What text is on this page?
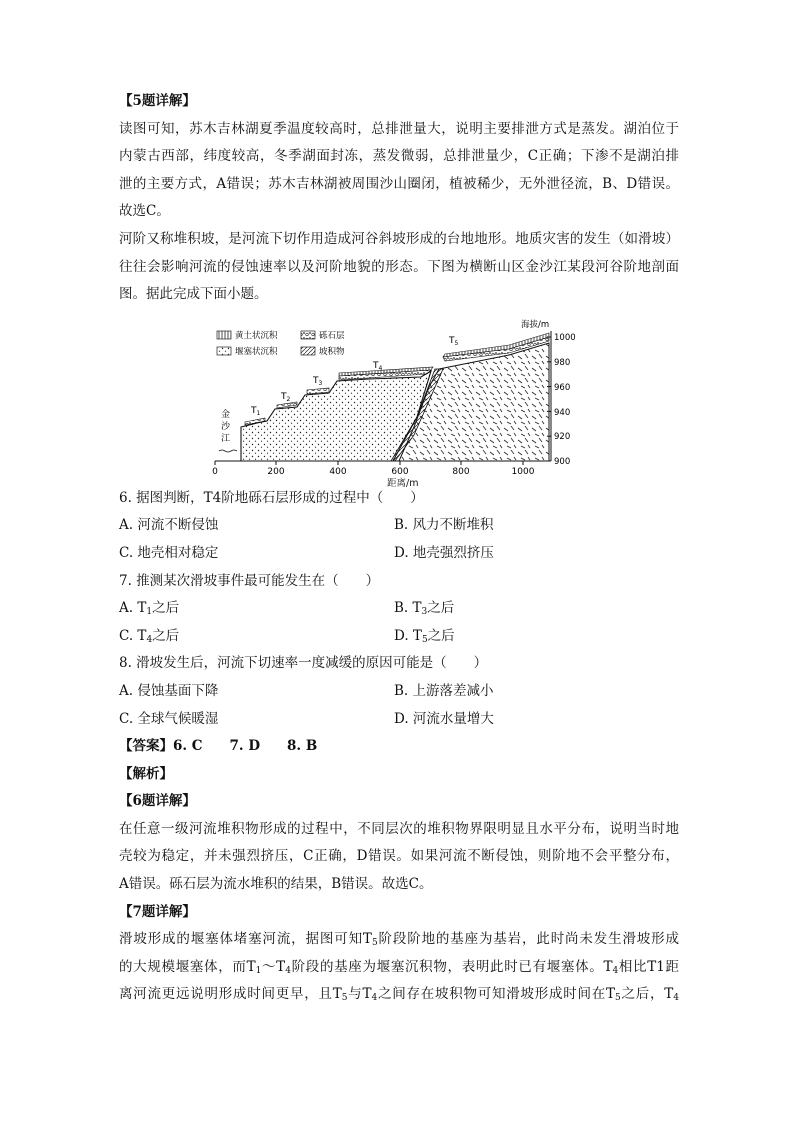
【5题详解】
读图可知，苏木吉林湖夏季温度较高时，总排泄量大，说明主要排泄方式是蒸发。湖泊位于
内蒙古西部，纬度较高，冬季湖面封冻，蒸发微弱，总排泄量少，C正确；下渗不是湖泊排
泄的主要方式，A错误；苏木吉林湖被周围沙山圈闭，植被稀少，无外泄径流，B、D错误。
故选C。
河阶又称堆积坡，是河流下切作用造成河谷斜坡形成的台地地形。地质灾害的发生（如滑坡）
往往会影响河流的侵蚀速率以及河阶地貌的形态。下图为横断山区金沙江某段河谷阶地剖面
图。据此完成下面小题。
黄土状沉积	砾石层
堰塞状沉积	坡积物
$T_1$
$T_2$
$T_3$
$T_4$
$T_5$
金
沙
江
0	200	400	600	800	1000
1000
980
960
940
920
900
海拔/m
距离/m
6. 据图判断，T4阶地砾石层形成的过程中（　　）
A. 河流不断侵蚀	B. 风力不断堆积
C. 地壳相对稳定	D. 地壳强烈挤压
7. 推测某次滑坡事件最可能发生在（　　）
A. $T_1$之后	B. $T_3$之后
C. $T_4$之后	D. $T_5$之后
8. 滑坡发生后，河流下切速率一度减缓的原因可能是（　　）
A. 侵蚀基面下降	B. 上游落差减小
C. 全球气候暖湿	D. 河流水量增大
【答案】6. C　　7. D　　8. B
【解析】
【6题详解】
在任意一级河流堆积物形成的过程中，不同层次的堆积物界限明显且水平分布，说明当时地
壳较为稳定，并未强烈挤压，C正确，D错误。如果河流不断侵蚀，则阶地不会平整分布，
A错误。砾石层为流水堆积的结果，B错误。故选C。
【7题详解】
滑坡形成的堰塞体堵塞河流，据图可知$T_5$阶段阶地的基座为基岩，此时尚未发生滑坡形成
的大规模堰塞体，而$T_1\sim T_4$阶段的基座为堰塞沉积物，表明此时已有堰塞体。$T_4$相比T1距
离河流更远说明形成时间更早，且$T_5$与$T_4$之间存在坡积物可知滑坡形成时间在$T_5$之后，$T_4$
